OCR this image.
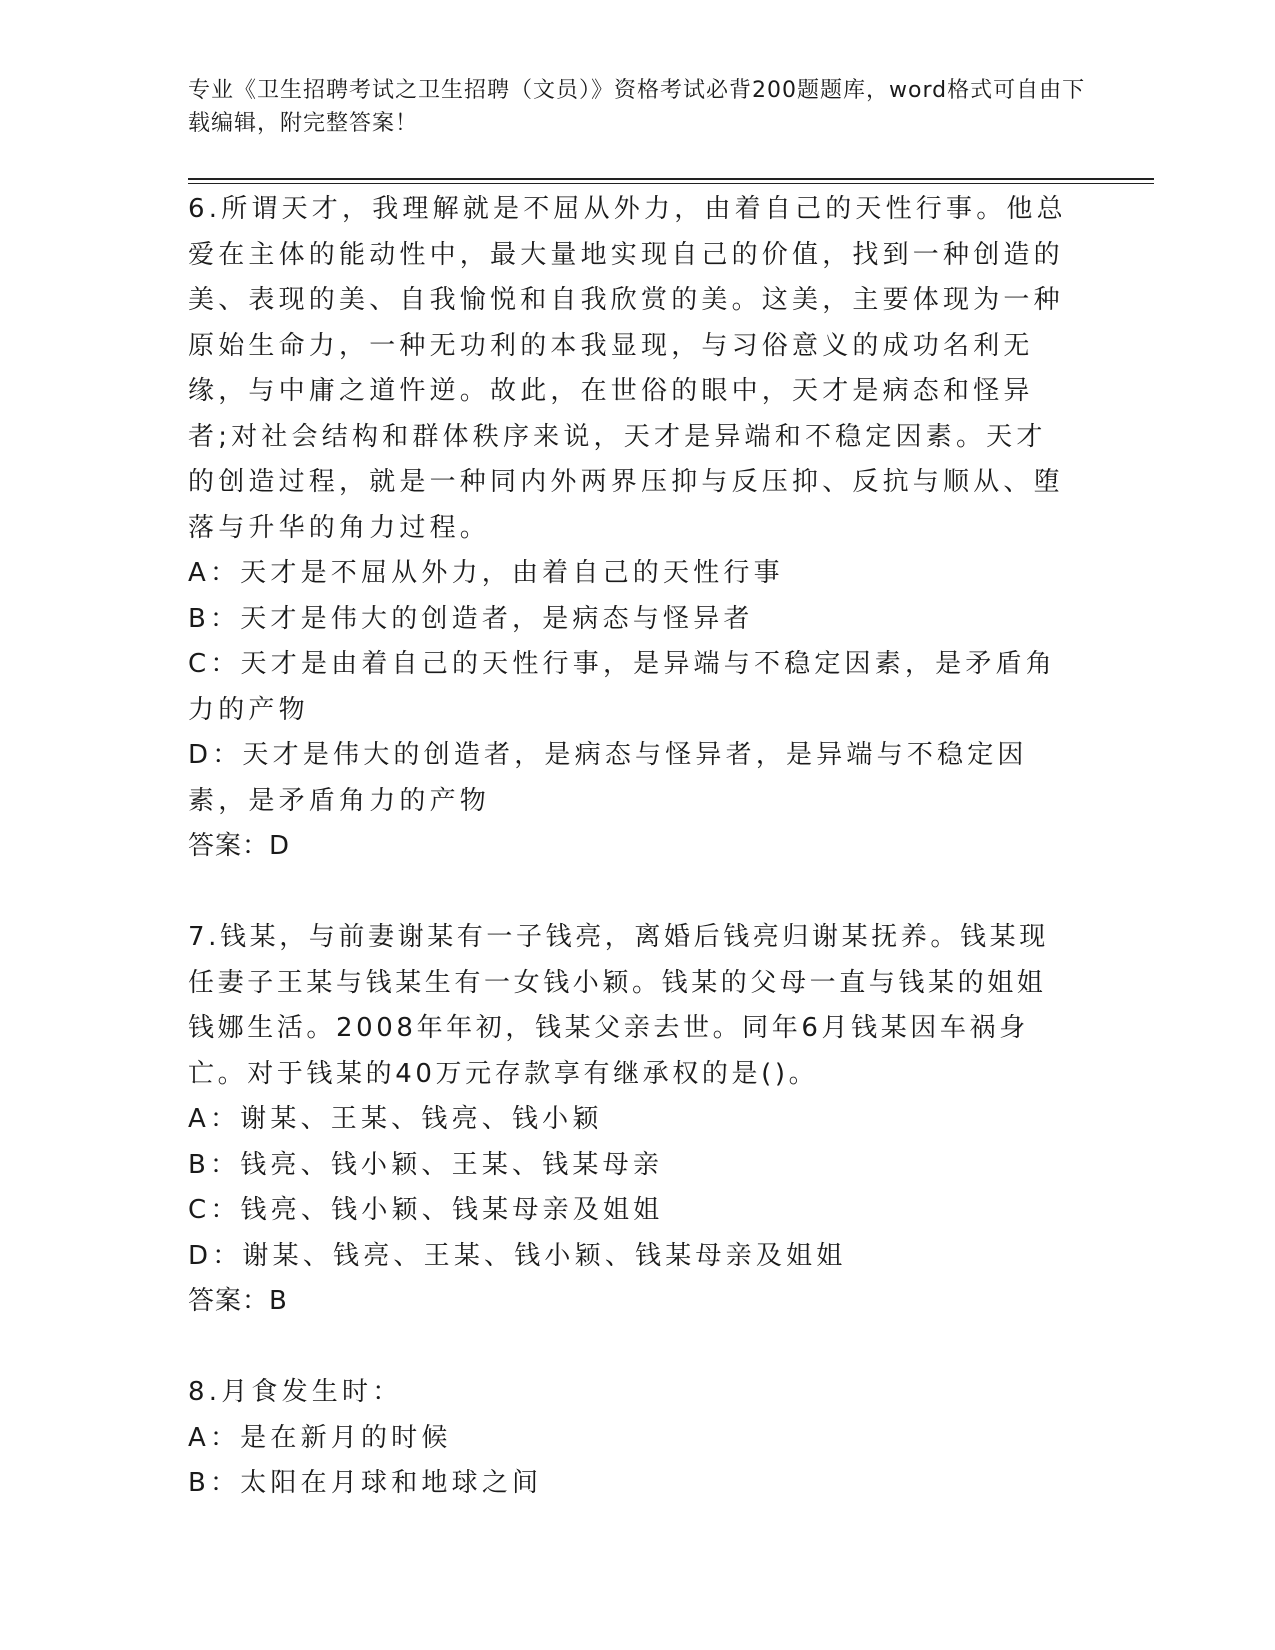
专业《卫生招聘考试之卫生招聘（文员）》资格考试必背200题题库，word格式可自由下载编辑，附完整答案！

6.所谓天才，我理解就是不屈从外力，由着自己的天性行事。他总爱在主体的能动性中，最大量地实现自己的价值，找到一种创造的美、表现的美、自我愉悦和自我欣赏的美。这美，主要体现为一种原始生命力，一种无功利的本我显现，与习俗意义的成功名利无缘，与中庸之道忤逆。故此，在世俗的眼中，天才是病态和怪异者;对社会结构和群体秩序来说，天才是异端和不稳定因素。天才的创造过程，就是一种同内外两界压抑与反压抑、反抗与顺从、堕落与升华的角力过程。

A：天才是不屈从外力，由着自己的天性行事

B：天才是伟大的创造者，是病态与怪异者

C：天才是由着自己的天性行事，是异端与不稳定因素，是矛盾角力的产物

D：天才是伟大的创造者，是病态与怪异者，是异端与不稳定因素，是矛盾角力的产物

答案：D

7.钱某，与前妻谢某有一子钱亮，离婚后钱亮归谢某抚养。钱某现任妻子王某与钱某生有一女钱小颖。钱某的父母一直与钱某的姐姐钱娜生活。2008年年初，钱某父亲去世。同年6月钱某因车祸身亡。对于钱某的40万元存款享有继承权的是()。

A：谢某、王某、钱亮、钱小颖

B：钱亮、钱小颖、王某、钱某母亲

C：钱亮、钱小颖、钱某母亲及姐姐

D：谢某、钱亮、王某、钱小颖、钱某母亲及姐姐

答案：B

8.月食发生时：

A：是在新月的时候

B：太阳在月球和地球之间
